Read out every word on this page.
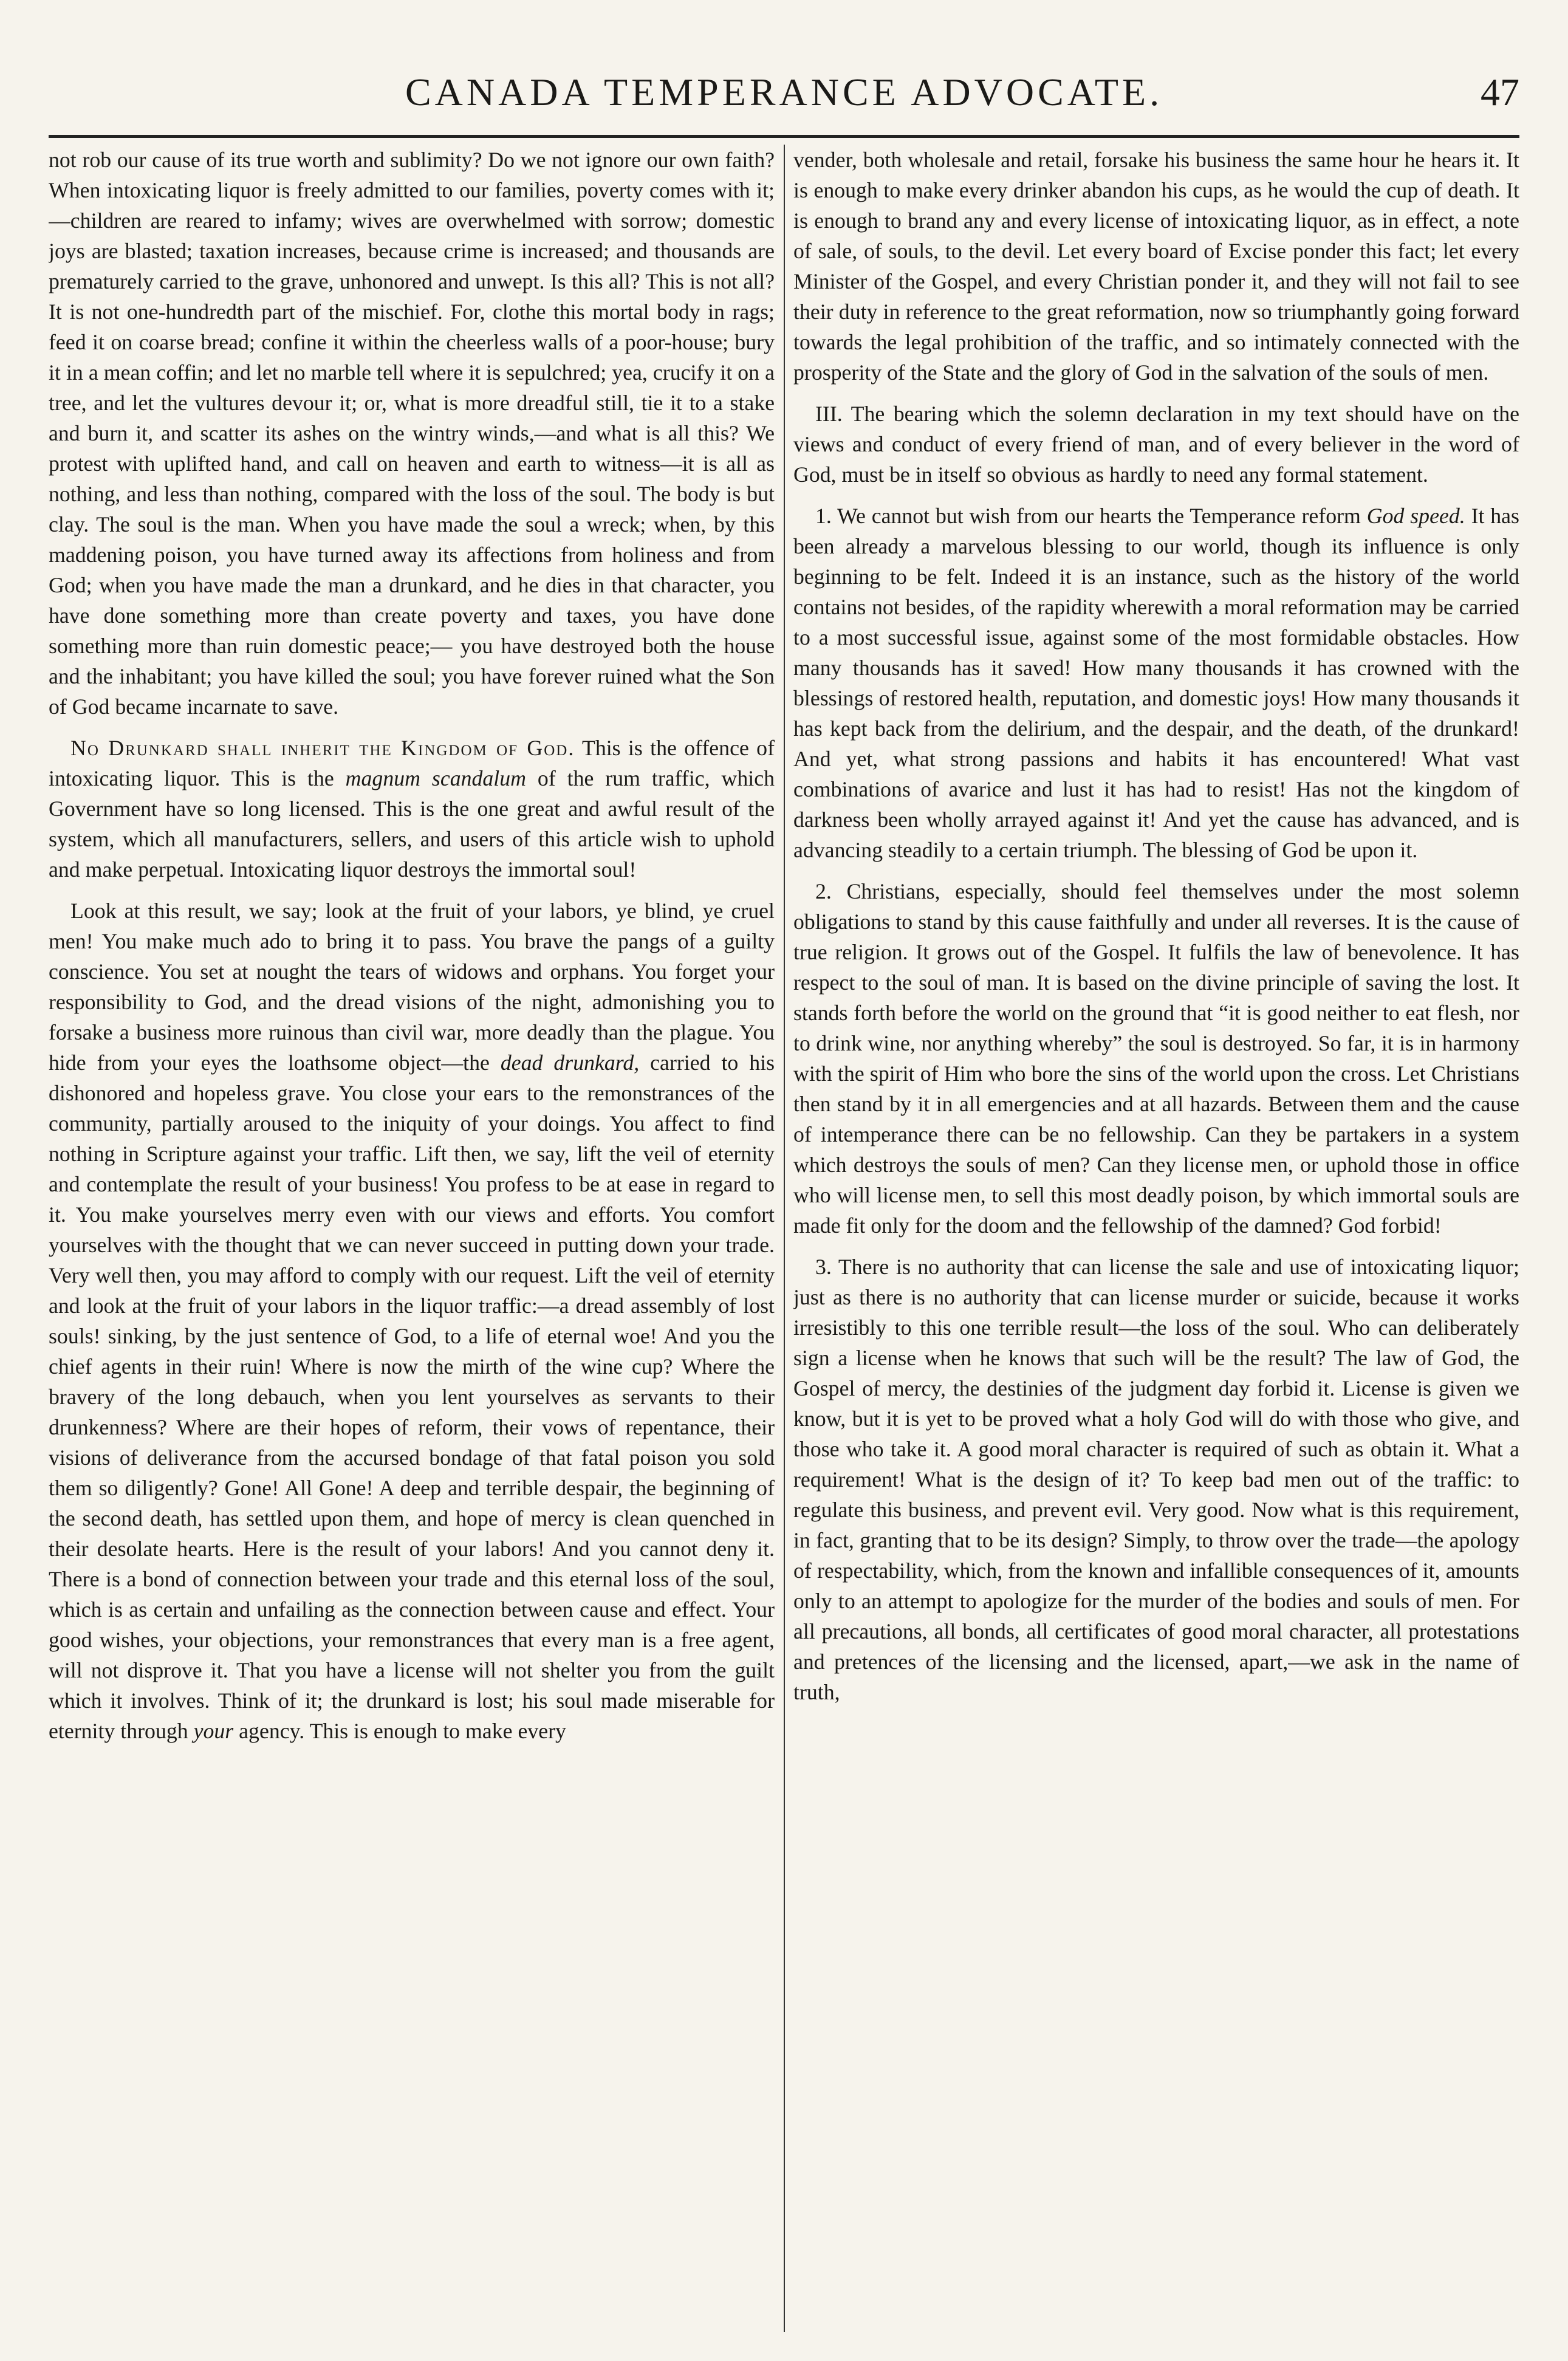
CANADA TEMPERANCE ADVOCATE.	47

not rob our cause of its true worth and sublimity? Do we not ignore our own faith? When intoxicating liquor is freely admitted to our families, poverty comes with it;—children are reared to infamy; wives are overwhelmed with sorrow; domestic joys are blasted; taxation increases, because crime is increased; and thousands are prematurely carried to the grave, unhonored and unwept. Is this all? This is not all? It is not one-hundredth part of the mischief. For, clothe this mortal body in rags; feed it on coarse bread; confine it within the cheerless walls of a poor-house; bury it in a mean coffin; and let no marble tell where it is sepulchred; yea, crucify it on a tree, and let the vultures devour it; or, what is more dreadful still, tie it to a stake and burn it, and scatter its ashes on the wintry winds,—and what is all this? We protest with uplifted hand, and call on heaven and earth to witness—it is all as nothing, and less than nothing, compared with the loss of the soul. The body is but clay. The soul is the man. When you have made the soul a wreck; when, by this maddening poison, you have turned away its affections from holiness and from God; when you have made the man a drunkard, and he dies in that character, you have done something more than create poverty and taxes, you have done something more than ruin domestic peace;— you have destroyed both the house and the inhabitant; you have killed the soul; you have forever ruined what the Son of God became incarnate to save.

No Drunkard shall inherit the Kingdom of God. This is the offence of intoxicating liquor. This is the magnum scandalum of the rum traffic, which Government have so long licensed. This is the one great and awful result of the system, which all manufacturers, sellers, and users of this article wish to uphold and make perpetual. Intoxicating liquor destroys the immortal soul!

Look at this result, we say; look at the fruit of your labors, ye blind, ye cruel men! You make much ado to bring it to pass. You brave the pangs of a guilty conscience. You set at nought the tears of widows and orphans. You forget your responsibility to God, and the dread visions of the night, admonishing you to forsake a business more ruinous than civil war, more deadly than the plague. You hide from your eyes the loathsome object—the dead drunkard, carried to his dishonored and hopeless grave. You close your ears to the remonstrances of the community, partially aroused to the iniquity of your doings. You affect to find nothing in Scripture against your traffic. Lift then, we say, lift the veil of eternity and contemplate the result of your business! You profess to be at ease in regard to it. You make yourselves merry even with our views and efforts. You comfort yourselves with the thought that we can never succeed in putting down your trade. Very well then, you may afford to comply with our request. Lift the veil of eternity and look at the fruit of your labors in the liquor traffic:—a dread assembly of lost souls! sinking, by the just sentence of God, to a life of eternal woe! And you the chief agents in their ruin! Where is now the mirth of the wine cup? Where the bravery of the long debauch, when you lent yourselves as servants to their drunkenness? Where are their hopes of reform, their vows of repentance, their visions of deliverance from the accursed bondage of that fatal poison you sold them so diligently? Gone! All Gone! A deep and terrible despair, the beginning of the second death, has settled upon them, and hope of mercy is clean quenched in their desolate hearts. Here is the result of your labors! And you cannot deny it. There is a bond of connection between your trade and this eternal loss of the soul, which is as certain and unfailing as the connection between cause and effect. Your good wishes, your objections, your remonstrances that every man is a free agent, will not disprove it. That you have a license will not shelter you from the guilt which it involves. Think of it; the drunkard is lost; his soul made miserable for eternity through your agency. This is enough to make every

vender, both wholesale and retail, forsake his business the same hour he hears it. It is enough to make every drinker abandon his cups, as he would the cup of death. It is enough to brand any and every license of intoxicating liquor, as in effect, a note of sale, of souls, to the devil. Let every board of Excise ponder this fact; let every Minister of the Gospel, and every Christian ponder it, and they will not fail to see their duty in reference to the great reformation, now so triumphantly going forward towards the legal prohibition of the traffic, and so intimately connected with the prosperity of the State and the glory of God in the salvation of the souls of men.

III. The bearing which the solemn declaration in my text should have on the views and conduct of every friend of man, and of every believer in the word of God, must be in itself so obvious as hardly to need any formal statement.

1. We cannot but wish from our hearts the Temperance reform God speed. It has been already a marvelous blessing to our world, though its influence is only beginning to be felt. Indeed it is an instance, such as the history of the world contains not besides, of the rapidity wherewith a moral reformation may be carried to a most successful issue, against some of the most formidable obstacles. How many thousands has it saved! How many thousands it has crowned with the blessings of restored health, reputation, and domestic joys! How many thousands it has kept back from the delirium, and the despair, and the death, of the drunkard! And yet, what strong passions and habits it has encountered! What vast combinations of avarice and lust it has had to resist! Has not the kingdom of darkness been wholly arrayed against it! And yet the cause has advanced, and is advancing steadily to a certain triumph. The blessing of God be upon it.

2. Christians, especially, should feel themselves under the most solemn obligations to stand by this cause faithfully and under all reverses. It is the cause of true religion. It grows out of the Gospel. It fulfils the law of benevolence. It has respect to the soul of man. It is based on the divine principle of saving the lost. It stands forth before the world on the ground that “it is good neither to eat flesh, nor to drink wine, nor anything whereby” the soul is destroyed. So far, it is in harmony with the spirit of Him who bore the sins of the world upon the cross. Let Christians then stand by it in all emergencies and at all hazards. Between them and the cause of intemperance there can be no fellowship. Can they be partakers in a system which destroys the souls of men? Can they license men, or uphold those in office who will license men, to sell this most deadly poison, by which immortal souls are made fit only for the doom and the fellowship of the damned? God forbid!

3. There is no authority that can license the sale and use of intoxicating liquor; just as there is no authority that can license murder or suicide, because it works irresistibly to this one terrible result—the loss of the soul. Who can deliberately sign a license when he knows that such will be the result? The law of God, the Gospel of mercy, the destinies of the judgment day forbid it. License is given we know, but it is yet to be proved what a holy God will do with those who give, and those who take it. A good moral character is required of such as obtain it. What a requirement! What is the design of it? To keep bad men out of the traffic: to regulate this business, and prevent evil. Very good. Now what is this requirement, in fact, granting that to be its design? Simply, to throw over the trade—the apology of respectability, which, from the known and infallible consequences of it, amounts only to an attempt to apologize for the murder of the bodies and souls of men. For all precautions, all bonds, all certificates of good moral character, all protestations and pretences of the licensing and the licensed, apart,—we ask in the name of truth,
